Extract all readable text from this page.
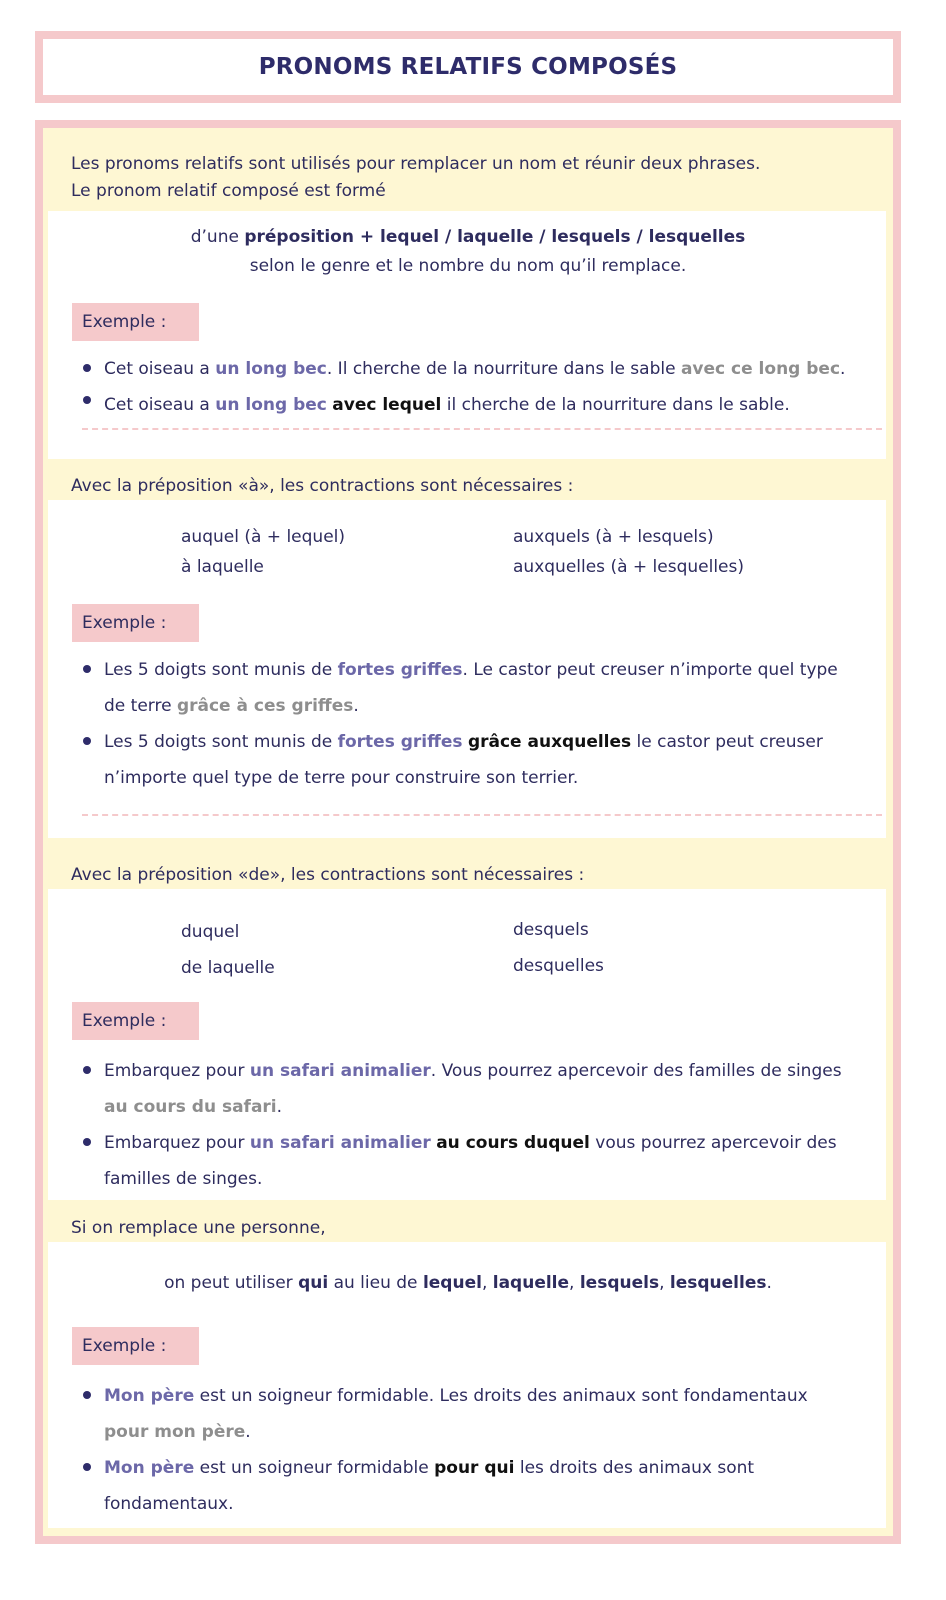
PRONOMS RELATIFS COMPOSÉS
Les pronoms relatifs sont utilisés pour remplacer un nom et réunir deux phrases.
Le pronom relatif composé est formé
d’une préposition + lequel / laquelle / lesquels / lesquelles
selon le genre et le nombre du nom qu’il remplace.
Exemple :
Cet oiseau a un long bec. Il cherche de la nourriture dans le sable avec ce long bec.
Cet oiseau a un long bec avec lequel il cherche de la nourriture dans le sable.
Avec la préposition «à», les contractions sont nécessaires :
auquel (à + lequel)
à laquelle
auxquels (à + lesquels)
auxquelles (à + lesquelles)
Exemple :
Les 5 doigts sont munis de fortes griffes. Le castor peut creuser n’importe quel type
de terre grâce à ces griffes.
Les 5 doigts sont munis de fortes griffes grâce auxquelles le castor peut creuser
n’importe quel type de terre pour construire son terrier.
Avec la préposition «de», les contractions sont nécessaires :
duquel
de laquelle
desquels
desquelles
Exemple :
Embarquez pour un safari animalier. Vous pourrez apercevoir des familles de singes
au cours du safari.
Embarquez pour un safari animalier au cours duquel vous pourrez apercevoir des
familles de singes.
Si on remplace une personne,
on peut utiliser qui au lieu de lequel, laquelle, lesquels, lesquelles.
Exemple :
Mon père est un soigneur formidable. Les droits des animaux sont fondamentaux
pour mon père.
Mon père est un soigneur formidable pour qui les droits des animaux sont
fondamentaux.
